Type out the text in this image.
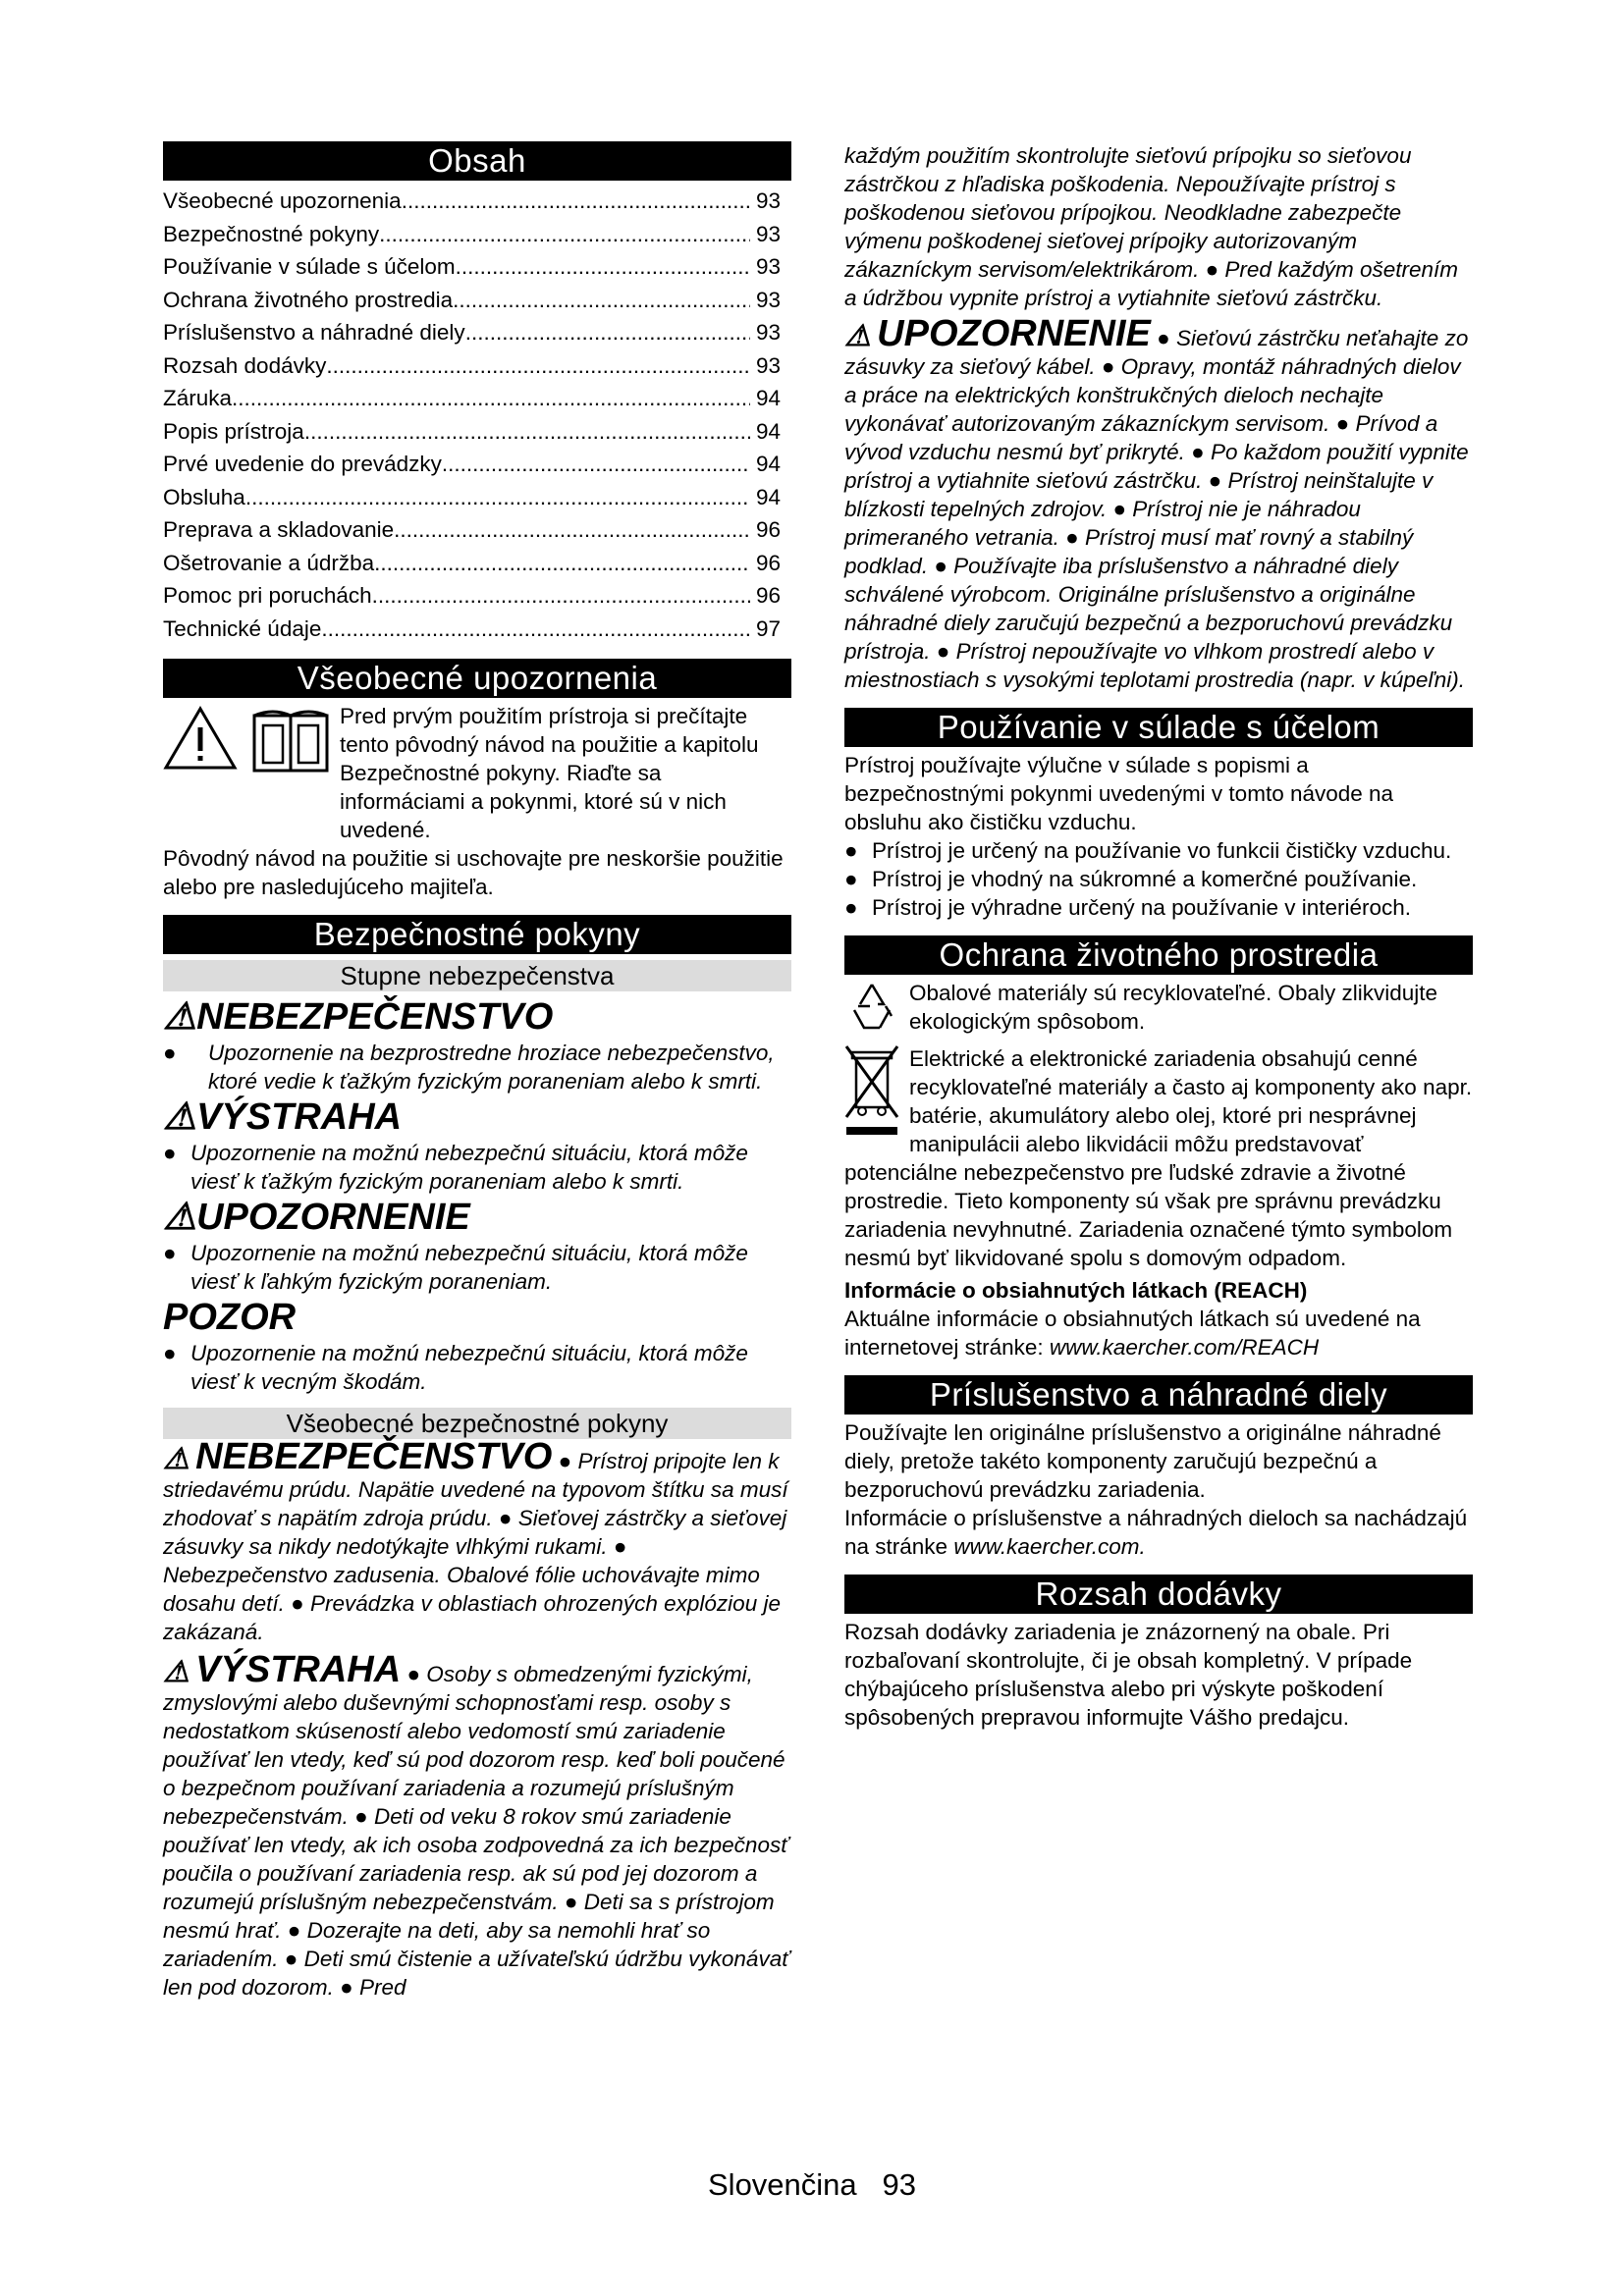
Obsah
Všeobecné upozornenia .....	93
Bezpečnostné pokyny .....	93
Používanie v súlade s účelom .....	93
Ochrana životného prostredia .....	93
Príslušenstvo a náhradné diely .....	93
Rozsah dodávky .....	93
Záruka .....	94
Popis prístroja .....	94
Prvé uvedenie do prevádzky .....	94
Obsluha .....	94
Preprava a skladovanie .....	96
Ošetrovanie a údržba .....	96
Pomoc pri poruchách .....	96
Technické údaje .....	97
Všeobecné upozornenia
Pred prvým použitím prístroja si prečítajte tento pôvodný návod na použitie a kapitolu Bezpečnostné pokyny. Riaďte sa informáciami a pokynmi, ktoré sú v nich uvedené.

Pôvodný návod na použitie si uschovajte pre neskoršie použitie alebo pre nasledujúceho majiteľa.

Bezpečnostné pokyny
Stupne nebezpečenstva
⚠NEBEZPEČENSTVO
●	Upozornenie na bezprostredne hroziace nebezpečenstvo, ktoré vedie k ťažkým fyzickým poraneniam alebo k smrti.
⚠VÝSTRAHA
● Upozornenie na možnú nebezpečnú situáciu, ktorá môže viesť k ťažkým fyzickým poraneniam alebo k smrti.
⚠UPOZORNENIE
● Upozornenie na možnú nebezpečnú situáciu, ktorá môže viesť k ľahkým fyzickým poraneniam.
POZOR
● Upozornenie na možnú nebezpečnú situáciu, ktorá môže viesť k vecným škodám.
Všeobecné bezpečnostné pokyny

⚠ NEBEZPEČENSTVO ● Prístroj pripojte len k striedavému prúdu. Napätie uvedené na typovom štítku sa musí zhodovať s napätím zdroja prúdu. ● Sieťovej zástrčky a sieťovej zásuvky sa nikdy nedotýkajte vlhkými rukami. ● Nebezpečenstvo zadusenia. Obalové fólie uchovávajte mimo dosahu detí. ● Prevádzka v oblastiach ohrozených explóziou je zakázaná.

⚠ VÝSTRAHA ● Osoby s obmedzenými fyzickými, zmyslovými alebo duševnými schopnosťami resp. osoby s nedostatkom skúseností alebo vedomostí smú zariadenie používať len vtedy, keď sú pod dozorom resp. keď boli poučené o bezpečnom používaní zariadenia a rozumejú príslušným nebezpečenstvám. ● Deti od veku 8 rokov smú zariadenie používať len vtedy, ak ich osoba zodpovedná za ich bezpečnosť poučila o používaní zariadenia resp. ak sú pod jej dozorom a rozumejú príslušným nebezpečenstvám. ● Deti sa s prístrojom nesmú hrať. ● Dozerajte na deti, aby sa nemohli hrať so zariadením. ● Deti smú čistenie a užívateľskú údržbu vykonávať len pod dozorom. ● Pred

každým použitím skontrolujte sieťovú prípojku so sieťovou zástrčkou z hľadiska poškodenia. Nepoužívajte prístroj s poškodenou sieťovou prípojkou. Neodkladne zabezpečte výmenu poškodenej sieťovej prípojky autorizovaným zákazníckym servisom/elektrikárom. ● Pred každým ošetrením a údržbou vypnite prístroj a vytiahnite sieťovú zástrčku.

⚠ UPOZORNENIE ● Sieťovú zástrčku neťahajte zo zásuvky za sieťový kábel. ● Opravy, montáž náhradných dielov a práce na elektrických konštrukčných dieloch nechajte vykonávať autorizovaným zákazníckym servisom. ● Prívod a vývod vzduchu nesmú byť prikryté. ● Po každom použití vypnite prístroj a vytiahnite sieťovú zástrčku. ● Prístroj neinštalujte v blízkosti tepelných zdrojov. ● Prístroj nie je náhradou primeraného vetrania. ● Prístroj musí mať rovný a stabilný podklad. ● Používajte iba príslušenstvo a náhradné diely schválené výrobcom. Originálne príslušenstvo a originálne náhradné diely zaručujú bezpečnú a bezporuchovú prevádzku prístroja. ● Prístroj nepoužívajte vo vlhkom prostredí alebo v miestnostiach s vysokými teplotami prostredia (napr. v kúpeľni).

Používanie v súlade s účelom

Prístroj používajte výlučne v súlade s popismi a bezpečnostnými pokynmi uvedenými v tomto návode na obsluhu ako čističku vzduchu.

● Prístroj je určený na používanie vo funkcii čističky vzduchu.
● Prístroj je vhodný na súkromné a komerčné používanie.
● Prístroj je výhradne určený na používanie v interiéroch.
Ochrana životného prostredia

Obalové materiály sú recyklovateľné. Obaly zlikvidujte ekologickým spôsobom.

Elektrické a elektronické zariadenia obsahujú cenné recyklovateľné materiály a často aj komponenty ako napr. batérie, akumulátory alebo olej, ktoré pri nesprávnej manipulácii alebo likvidácii môžu predstavovať potenciálne nebezpečenstvo pre ľudské zdravie a životné prostredie. Tieto komponenty sú však pre správnu prevádzku zariadenia nevyhnutné. Zariadenia označené týmto symbolom nesmú byť likvidované spolu s domovým odpadom.

Informácie o obsiahnutých látkach (REACH)

Aktuálne informácie o obsiahnutých látkach sú uvedené na internetovej stránke: www.kaercher.com/REACH

Príslušenstvo a náhradné diely

Používajte len originálne príslušenstvo a originálne náhradné diely, pretože takéto komponenty zaručujú bezpečnú a bezporuchovú prevádzku zariadenia.

Informácie o príslušenstve a náhradných dieloch sa nachádzajú na stránke www.kaercher.com.

Rozsah dodávky

Rozsah dodávky zariadenia je znázornený na obale. Pri rozbaľovaní skontrolujte, či je obsah kompletný. V prípade chýbajúceho príslušenstva alebo pri výskyte poškodení spôsobených prepravou informujte Vášho predajcu.

Slovenčina 93
